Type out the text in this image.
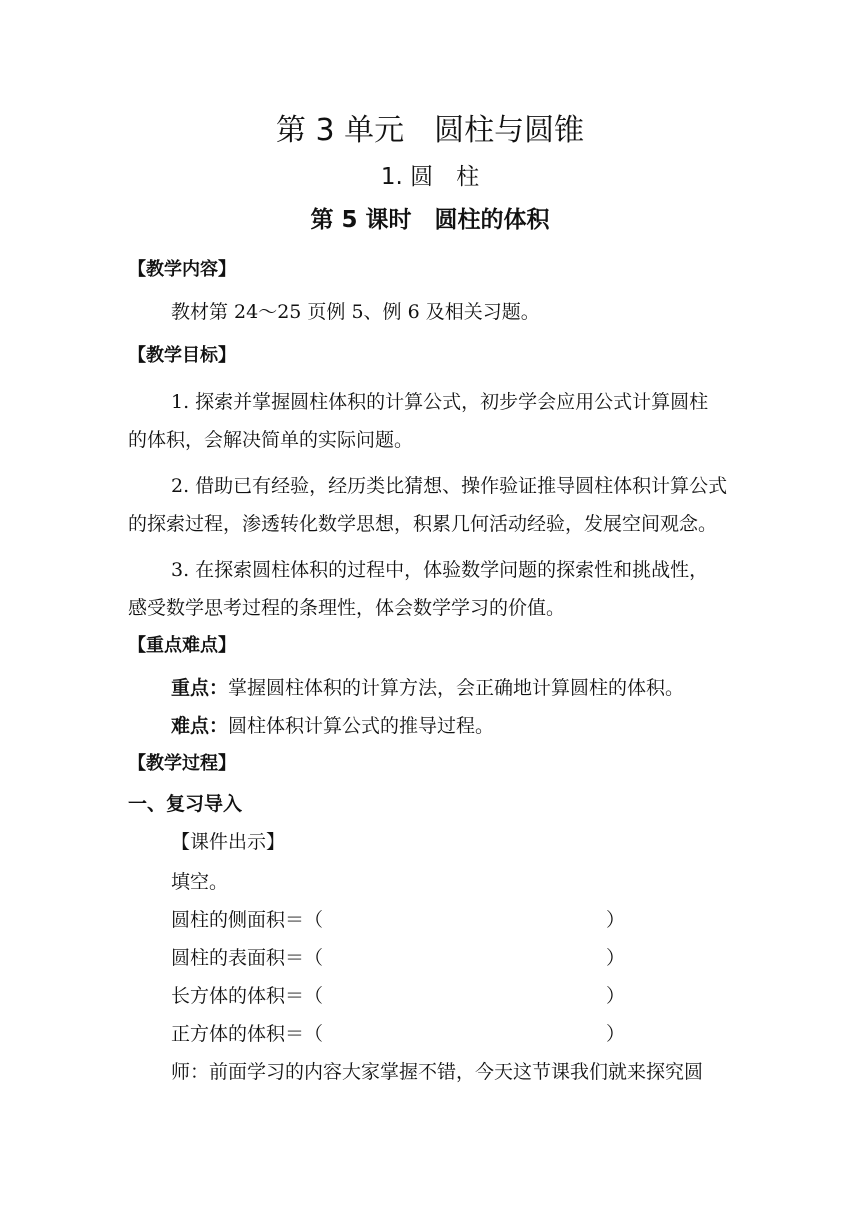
第 3 单元　圆柱与圆锥
1. 圆　柱
第 5 课时　圆柱的体积
【教学内容】
教材第 24～25 页例 5、例 6 及相关习题。
【教学目标】
1. 探索并掌握圆柱体积的计算公式，初步学会应用公式计算圆柱
的体积，会解决简单的实际问题。
2. 借助已有经验，经历类比猜想、操作验证推导圆柱体积计算公式
的探索过程，渗透转化数学思想，积累几何活动经验，发展空间观念。
3. 在探索圆柱体积的过程中，体验数学问题的探索性和挑战性，
感受数学思考过程的条理性，体会数学学习的价值。
【重点难点】
重点：掌握圆柱体积的计算方法，会正确地计算圆柱的体积。
难点：圆柱体积计算公式的推导过程。
【教学过程】
一、复习导入
【课件出示】
填空。
圆柱的侧面积＝（	）
圆柱的表面积＝（	）
长方体的体积＝（	）
正方体的体积＝（	）
师：前面学习的内容大家掌握不错，今天这节课我们就来探究圆
